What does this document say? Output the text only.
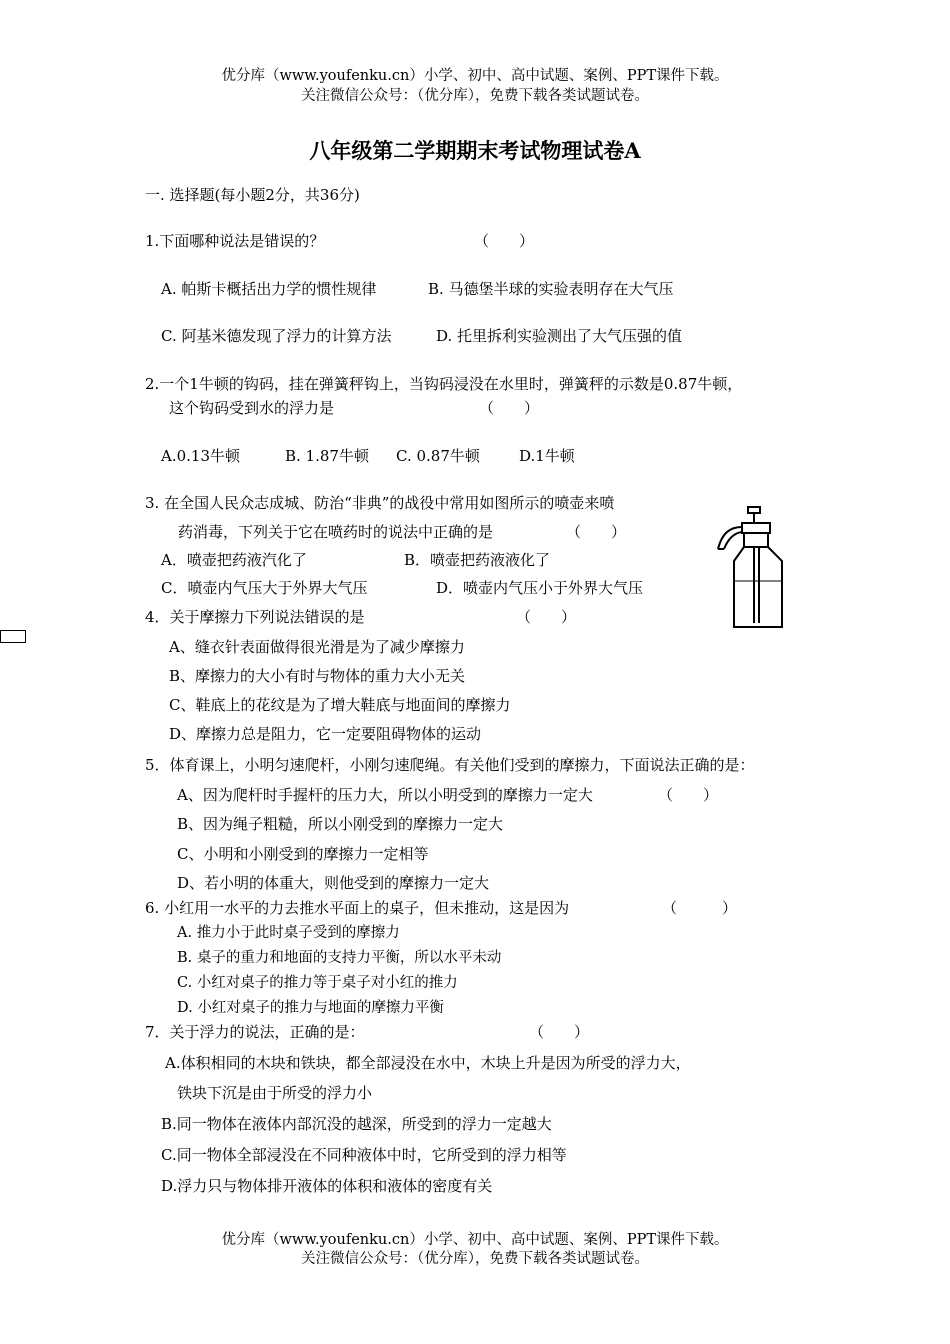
优分库（www.youfenku.cn）小学、初中、高中试题、案例、PPT课件下载。
关注微信公众号：（优分库），免费下载各类试题试卷。
八年级第二学期期末考试物理试卷A
一. 选择题(每小题2分，共36分)
1.下面哪种说法是错误的？	（　　）
A. 帕斯卡概括出力学的惯性规律	B. 马德堡半球的实验表明存在大气压
C. 阿基米德发现了浮力的计算方法	D. 托里拆利实验测出了大气压强的值
2.一个1牛顿的钩码，挂在弹簧秤钩上，当钩码浸没在水里时，弹簧秤的示数是0.87牛顿，
这个钩码受到水的浮力是	（　　）
A.0.13牛顿	B. 1.87牛顿 C. 0.87牛顿	D.1牛顿
3. 在全国人民众志成城、防治“非典”的战役中常用如图所示的喷壶来喷
药消毒，下列关于它在喷药时的说法中正确的是	（　　）
A．喷壶把药液汽化了	B．喷壶把药液液化了
C．喷壶内气压大于外界大气压	D．喷壶内气压小于外界大气压
4．关于摩擦力下列说法错误的是	（　　）
A、缝衣针表面做得很光滑是为了减少摩擦力
B、摩擦力的大小有时与物体的重力大小无关
C、鞋底上的花纹是为了增大鞋底与地面间的摩擦力
D、摩擦力总是阻力，它一定要阻碍物体的运动
5．体育课上，小明匀速爬杆，小刚匀速爬绳。有关他们受到的摩擦力，下面说法正确的是：
A、因为爬杆时手握杆的压力大，所以小明受到的摩擦力一定大	（　　）
B、因为绳子粗糙，所以小刚受到的摩擦力一定大
C、小明和小刚受到的摩擦力一定相等
D、若小明的体重大，则他受到的摩擦力一定大
6. 小红用一水平的力去推水平面上的桌子，但未推动，这是因为	（　　　）
A. 推力小于此时桌子受到的摩擦力
B. 桌子的重力和地面的支持力平衡，所以水平未动
C. 小红对桌子的推力等于桌子对小红的推力
D. 小红对桌子的推力与地面的摩擦力平衡
7．关于浮力的说法，正确的是：	（　　）
A.体积相同的木块和铁块，都全部浸没在水中，木块上升是因为所受的浮力大，
铁块下沉是由于所受的浮力小
B.同一物体在液体内部沉没的越深，所受到的浮力一定越大
C.同一物体全部浸没在不同种液体中时，它所受到的浮力相等
D.浮力只与物体排开液体的体积和液体的密度有关
优分库（www.youfenku.cn）小学、初中、高中试题、案例、PPT课件下载。
关注微信公众号：（优分库），免费下载各类试题试卷。
